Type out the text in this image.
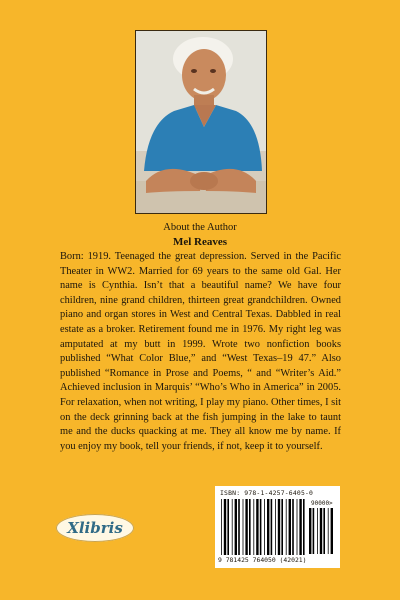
About the Author
Mel Reaves

Born: 1919. Teenaged the great depression. Served in the Pacific Theater in WW2. Married for 69 years to the same old Gal. Her name is Cynthia. Isn’t that a beautiful name? We have four children, nine grand children, thirteen great grandchildren. Owned piano and organ stores in West and Central Texas. Dabbled in real estate as a broker. Retirement found me in 1976. My right leg was amputated at my butt in 1999. Wrote two nonfiction books published “What Color Blue,” and “West Texas–19 47.” Also published “Romance in Prose and Poems, “ and “Writer’s Aid.” Achieved inclusion in Marquis’ “Who’s Who in America” in 2005. For relaxation, when not writing, I play my piano. Other times, I sit on the deck grinning back at the fish jumping in the lake to taunt me and the ducks quacking at me. They all know me by name. If you enjoy my book, tell your friends, if not, keep it to yourself.

Xlibris
ISBN: 978-1-4257-6405-0
90000>
9 781425 764050 (42021)
